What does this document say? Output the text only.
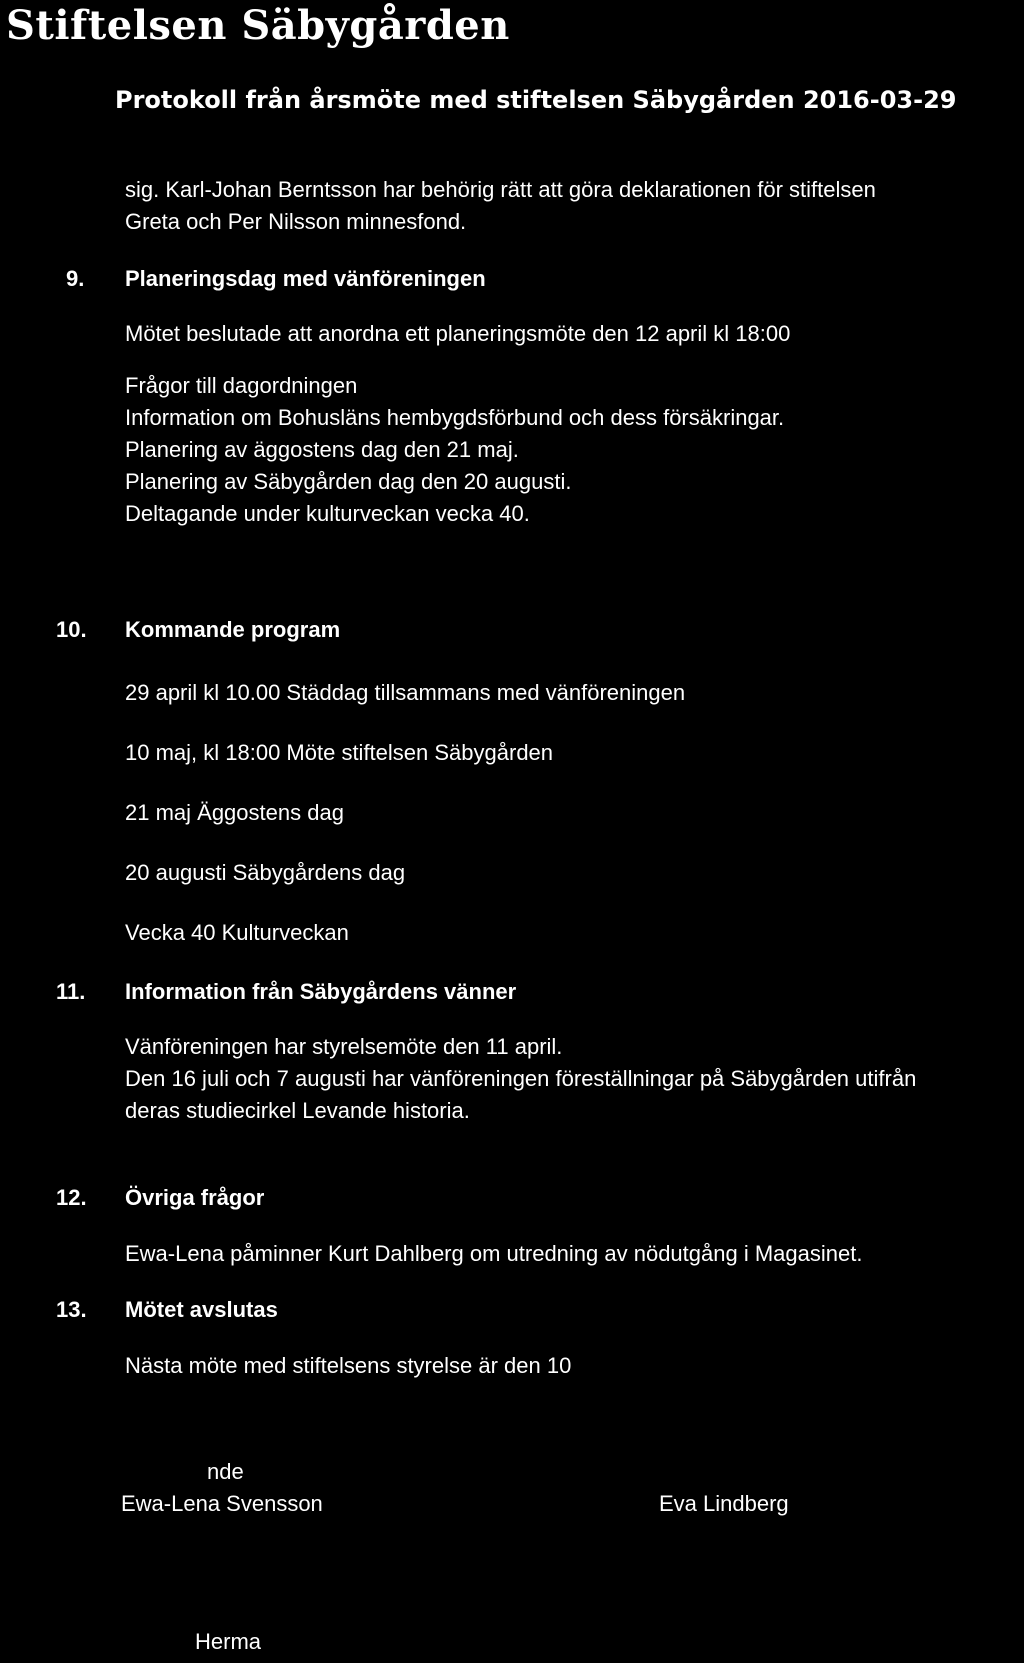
Stiftelsen Säbygården
Protokoll från årsmöte med stiftelsen Säbygården 2016-03-29
sig. Karl-Johan Berntsson har behörig rätt att göra deklarationen för stiftelsen
Greta och Per Nilsson minnesfond.
9. Planeringsdag med vänföreningen
Mötet beslutade att anordna ett planeringsmöte den 12 april kl 18:00
Frågor till dagordningen
Information om Bohusläns hembygdsförbund och dess försäkringar.
Planering av äggostens dag den 21 maj.
Planering av Säbygården dag den 20 augusti.
Deltagande under kulturveckan vecka 40.
10. Kommande program
29 april kl 10.00 Städdag tillsammans med vänföreningen
10 maj, kl 18:00 Möte stiftelsen Säbygården
21 maj Äggostens dag
20 augusti Säbygårdens dag
Vecka 40 Kulturveckan
11. Information från Säbygårdens vänner
Vänföreningen har styrelsemöte den 11 april.
Den 16 juli och 7 augusti har vänföreningen föreställningar på Säbygården utifrån
deras studiecirkel Levande historia.
12. Övriga frågor
Ewa-Lena påminner Kurt Dahlberg om utredning av nödutgång i Magasinet.
13. Mötet avslutas
Nästa möte med stiftelsens styrelse är den 10
nde
Ewa-Lena Svensson	Eva Lindberg
Herma
